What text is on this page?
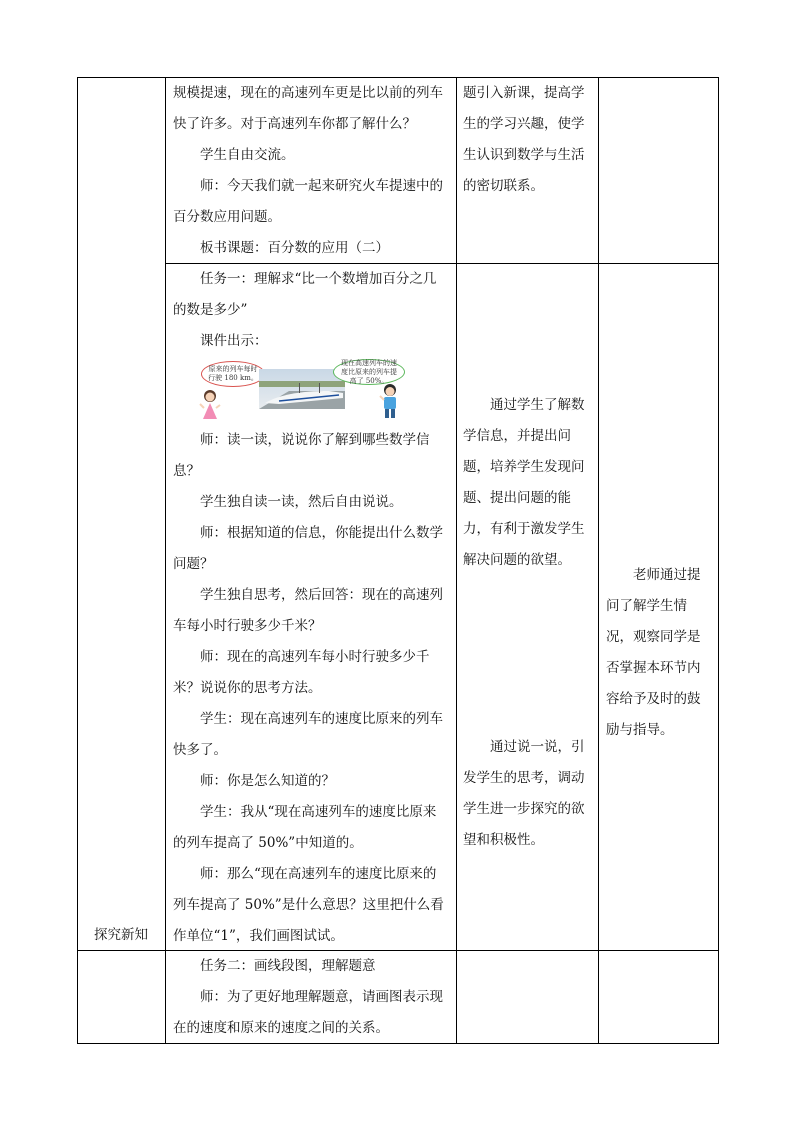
探究新知

规模提速，现在的高速列车更是比以前的列车快了许多。对于高速列车你都了解什么？

学生自由交流。

师：今天我们就一起来研究火车提速中的百分数应用问题。

板书课题：百分数的应用（二）

题引入新课，提高学生的学习兴趣，使学生认识到数学与生活的密切联系。

任务一：理解求“比一个数增加百分之几的数是多少”

课件出示：

原来的列车每时行驶 180 km。
现在高速列车的速度比原来的列车提高了 50%。

师：读一读，说说你了解到哪些数学信息？

学生独自读一读，然后自由说说。

师：根据知道的信息，你能提出什么数学问题？

学生独自思考，然后回答：现在的高速列车每小时行驶多少千米？

师：现在的高速列车每小时行驶多少千米？说说你的思考方法。

学生：现在高速列车的速度比原来的列车快多了。

师：你是怎么知道的？

学生：我从“现在高速列车的速度比原来的列车提高了 50%”中知道的。

师：那么“现在高速列车的速度比原来的列车提高了 50%”是什么意思？这里把什么看作单位“1”，我们画图试试。

通过学生了解数学信息，并提出问题，培养学生发现问题、提出问题的能力，有利于激发学生解决问题的欲望。

通过说一说，引发学生的思考，调动学生进一步探究的欲望和积极性。

老师通过提问了解学生情况，观察同学是否掌握本环节内容给予及时的鼓励与指导。

任务二：画线段图，理解题意

师：为了更好地理解题意，请画图表示现在的速度和原来的速度之间的关系。
